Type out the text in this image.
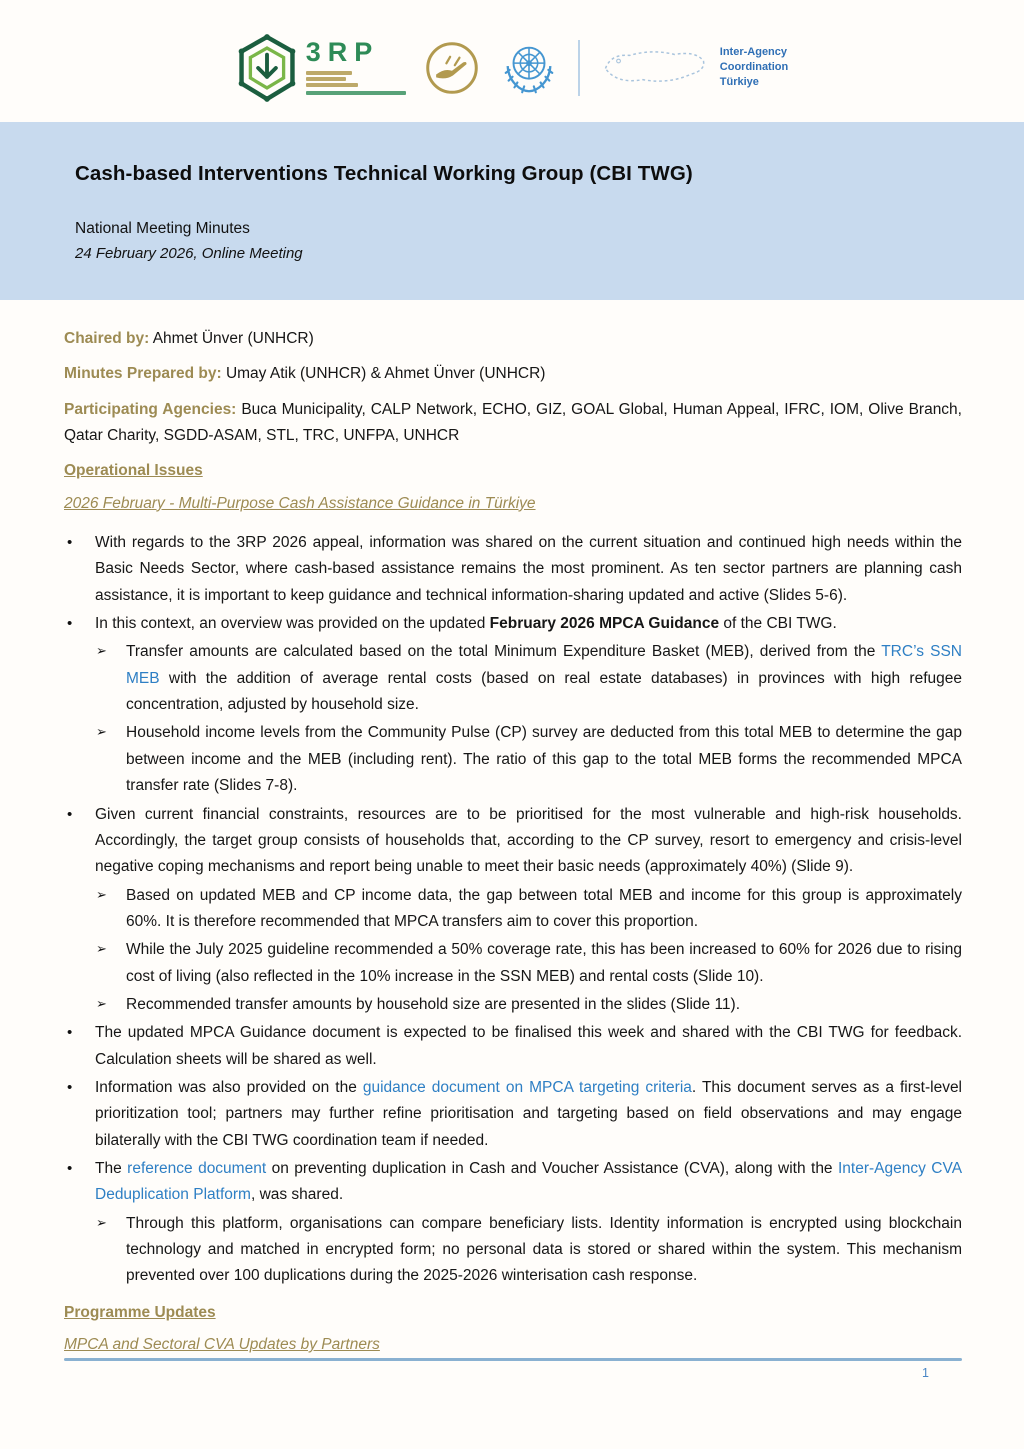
3RP	Inter-Agency
Coordination
Türkiye
Cash-based Interventions Technical Working Group (CBI TWG)
National Meeting Minutes
24 February 2026, Online Meeting
Chaired by: Ahmet Ünver (UNHCR)
Minutes Prepared by: Umay Atik (UNHCR) & Ahmet Ünver (UNHCR)
Participating Agencies: Buca Municipality, CALP Network, ECHO, GIZ, GOAL Global, Human Appeal, IFRC, IOM, Olive Branch, Qatar Charity, SGDD-ASAM, STL, TRC, UNFPA, UNHCR
Operational Issues
2026 February - Multi-Purpose Cash Assistance Guidance in Türkiye
•	With regards to the 3RP 2026 appeal, information was shared on the current situation and continued high needs within the Basic Needs Sector, where cash-based assistance remains the most prominent. As ten sector partners are planning cash assistance, it is important to keep guidance and technical information-sharing updated and active (Slides 5-6).
•	In this context, an overview was provided on the updated February 2026 MPCA Guidance of the CBI TWG.
➢	Transfer amounts are calculated based on the total Minimum Expenditure Basket (MEB), derived from the TRC’s SSN MEB with the addition of average rental costs (based on real estate databases) in provinces with high refugee concentration, adjusted by household size.
➢	Household income levels from the Community Pulse (CP) survey are deducted from this total MEB to determine the gap between income and the MEB (including rent). The ratio of this gap to the total MEB forms the recommended MPCA transfer rate (Slides 7-8).
•	Given current financial constraints, resources are to be prioritised for the most vulnerable and high-risk households. Accordingly, the target group consists of households that, according to the CP survey, resort to emergency and crisis-level negative coping mechanisms and report being unable to meet their basic needs (approximately 40%) (Slide 9).
➢	Based on updated MEB and CP income data, the gap between total MEB and income for this group is approximately 60%. It is therefore recommended that MPCA transfers aim to cover this proportion.
➢	While the July 2025 guideline recommended a 50% coverage rate, this has been increased to 60% for 2026 due to rising cost of living (also reflected in the 10% increase in the SSN MEB) and rental costs (Slide 10).
➢	Recommended transfer amounts by household size are presented in the slides (Slide 11).
•	The updated MPCA Guidance document is expected to be finalised this week and shared with the CBI TWG for feedback. Calculation sheets will be shared as well.
•	Information was also provided on the guidance document on MPCA targeting criteria. This document serves as a first-level prioritization tool; partners may further refine prioritisation and targeting based on field observations and may engage bilaterally with the CBI TWG coordination team if needed.
•	The reference document on preventing duplication in Cash and Voucher Assistance (CVA), along with the Inter-Agency CVA Deduplication Platform, was shared.
➢	Through this platform, organisations can compare beneficiary lists. Identity information is encrypted using blockchain technology and matched in encrypted form; no personal data is stored or shared within the system. This mechanism prevented over 100 duplications during the 2025-2026 winterisation cash response.
Programme Updates
MPCA and Sectoral CVA Updates by Partners
1
